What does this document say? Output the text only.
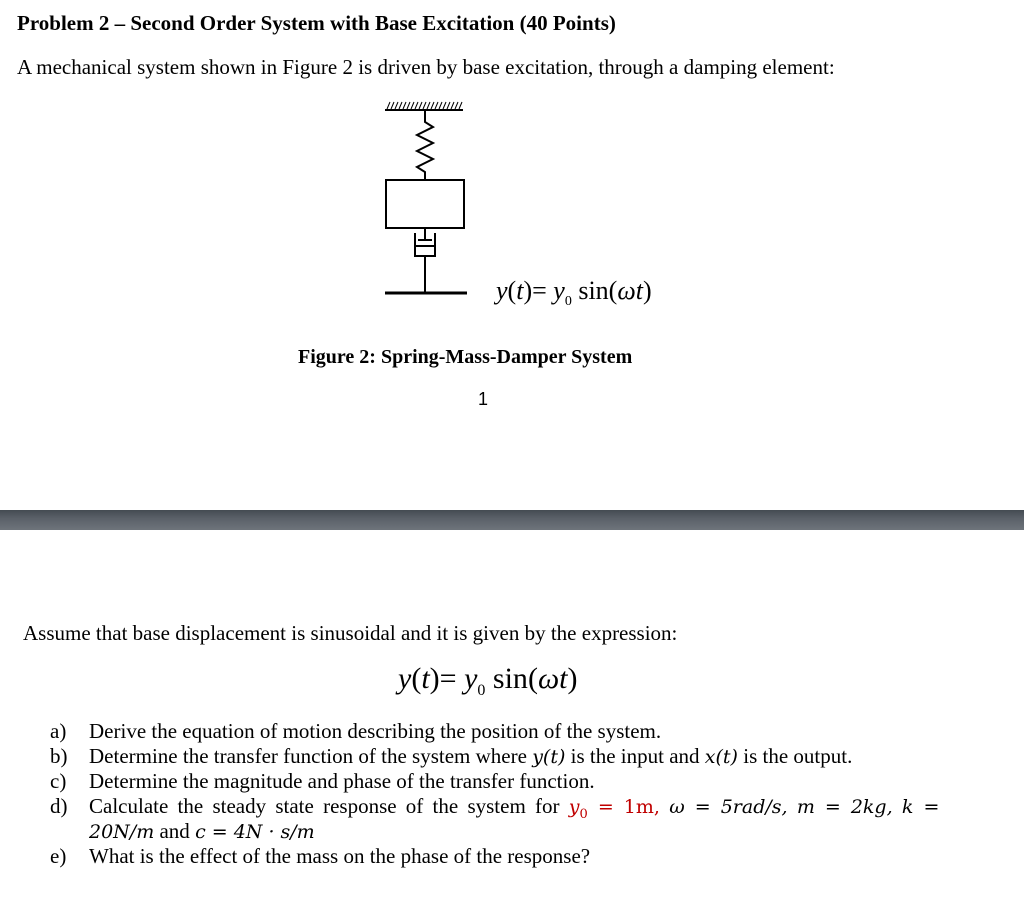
Problem 2 – Second Order System with Base Excitation (40 Points)
A mechanical system shown in Figure 2 is driven by base excitation, through a damping element:
$y(t)= y_0$ sin(ωt)
Figure 2: Spring-Mass-Damper System
1
Assume that base displacement is sinusoidal and it is given by the expression:
$y(t)= y_0$ sin(ωt)
a) Derive the equation of motion describing the position of the system.
b) Determine the transfer function of the system where y(t) is the input and x(t) is the output.
c) Determine the magnitude and phase of the transfer function.
d) Calculate the steady state response of the system for $y_0 = 1m$, ω = 5rad/s, m = 2kg, k =
20N/m and c = 4N · s/m
e) What is the effect of the mass on the phase of the response?
